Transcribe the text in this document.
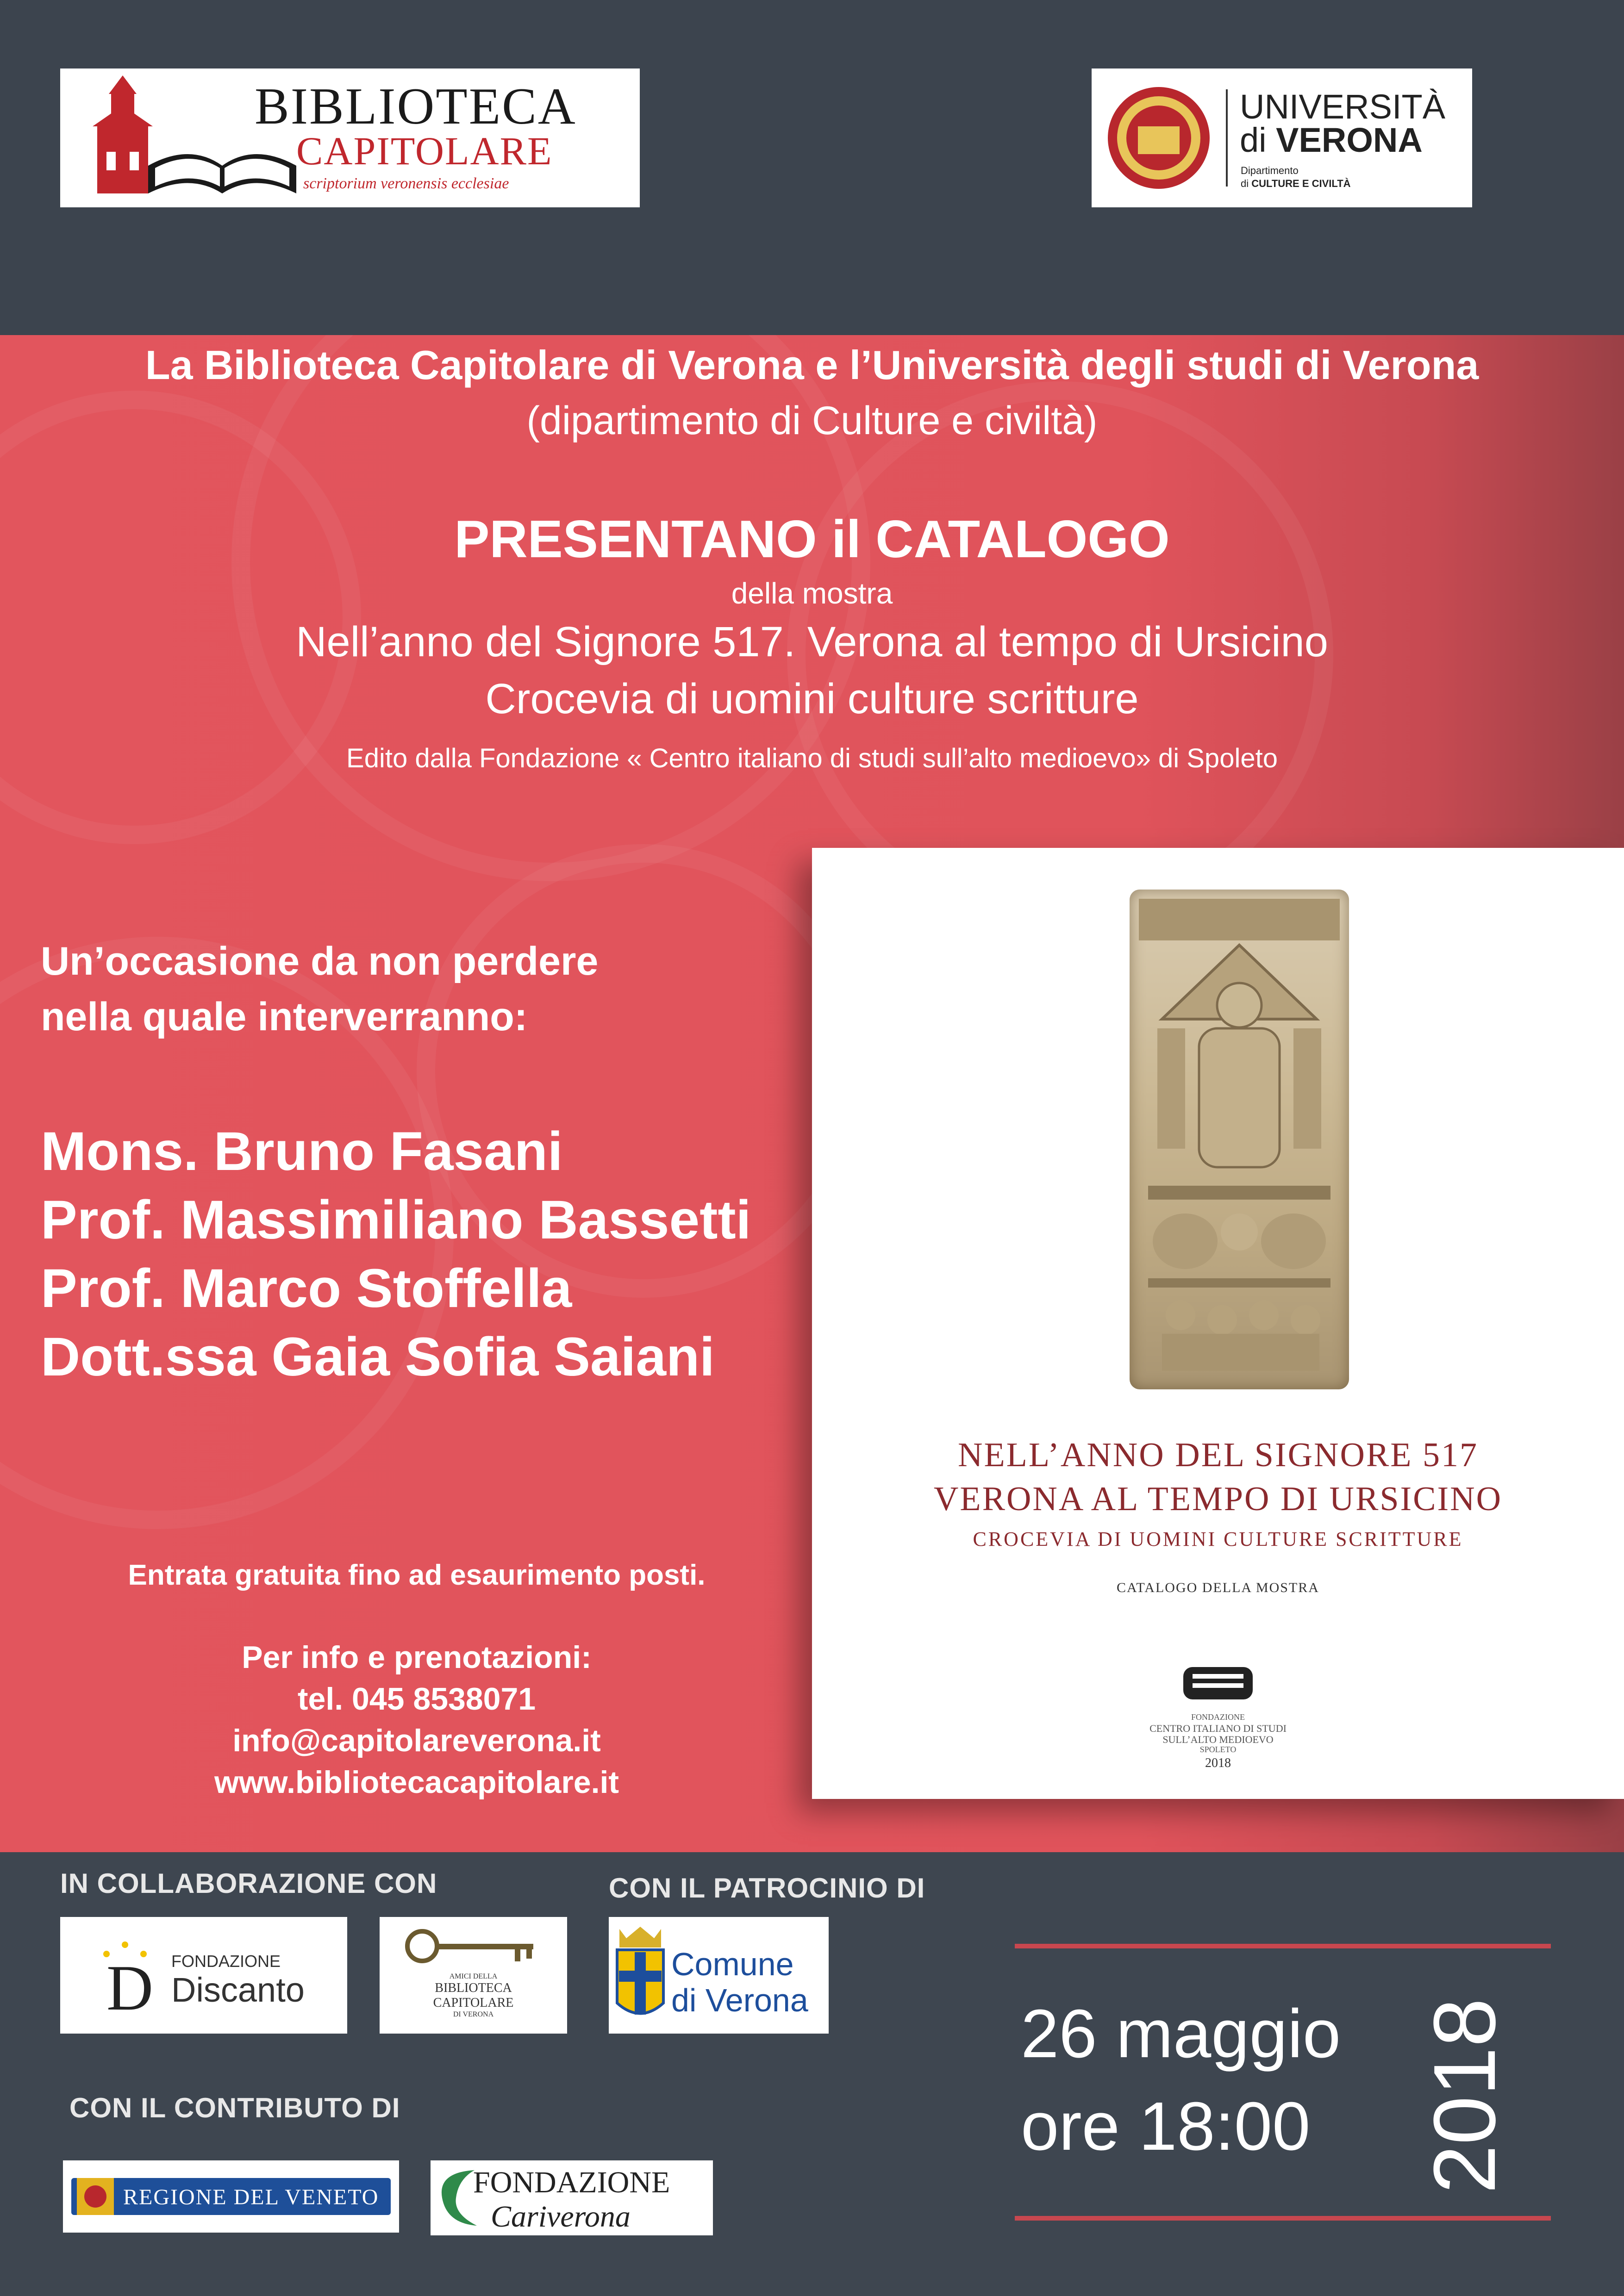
BIBLIOTECA
CAPITOLARE
scriptorium veronensis ecclesiae
UNIVERSITÀ
di VERONA
Dipartimento
di CULTURE E CIVILTÀ
La Biblioteca Capitolare di Verona e l’Università degli studi di Verona
(dipartimento di Culture e civiltà)
PRESENTANO il CATALOGO
della mostra
Nell’anno del Signore 517. Verona al tempo di Ursicino
Crocevia di uomini culture scritture
Edito dalla Fondazione « Centro italiano di studi sull’alto medioevo» di Spoleto
Un’occasione da non perdere
nella quale interverranno:
Mons. Bruno Fasani
Prof. Massimiliano Bassetti
Prof. Marco Stoffella
Dott.ssa Gaia Sofia Saiani
Entrata gratuita fino ad esaurimento posti.
Per info e prenotazioni:
tel. 045 8538071
info@capitolareverona.it
www.bibliotecacapitolare.it
NELL’ANNO DEL SIGNORE 517
VERONA AL TEMPO DI URSICINO
CROCEVIA DI UOMINI CULTURE SCRITTURE
CATALOGO DELLA MOSTRA
FONDAZIONE
CENTRO ITALIANO DI STUDI
SULL’ALTO MEDIOEVO
SPOLETO
2018
IN COLLABORAZIONE CON	CON IL PATROCINIO DI
CON IL CONTRIBUTO DI
D FONDAZIONE
Discanto	AMICI DELLA
BIBLIOTECA
CAPITOLARE
DI VERONA
Comune
di Verona
REGIONE DEL VENETO	FONDAZIONE
Cariverona
26 maggio
ore 18:00 2018
